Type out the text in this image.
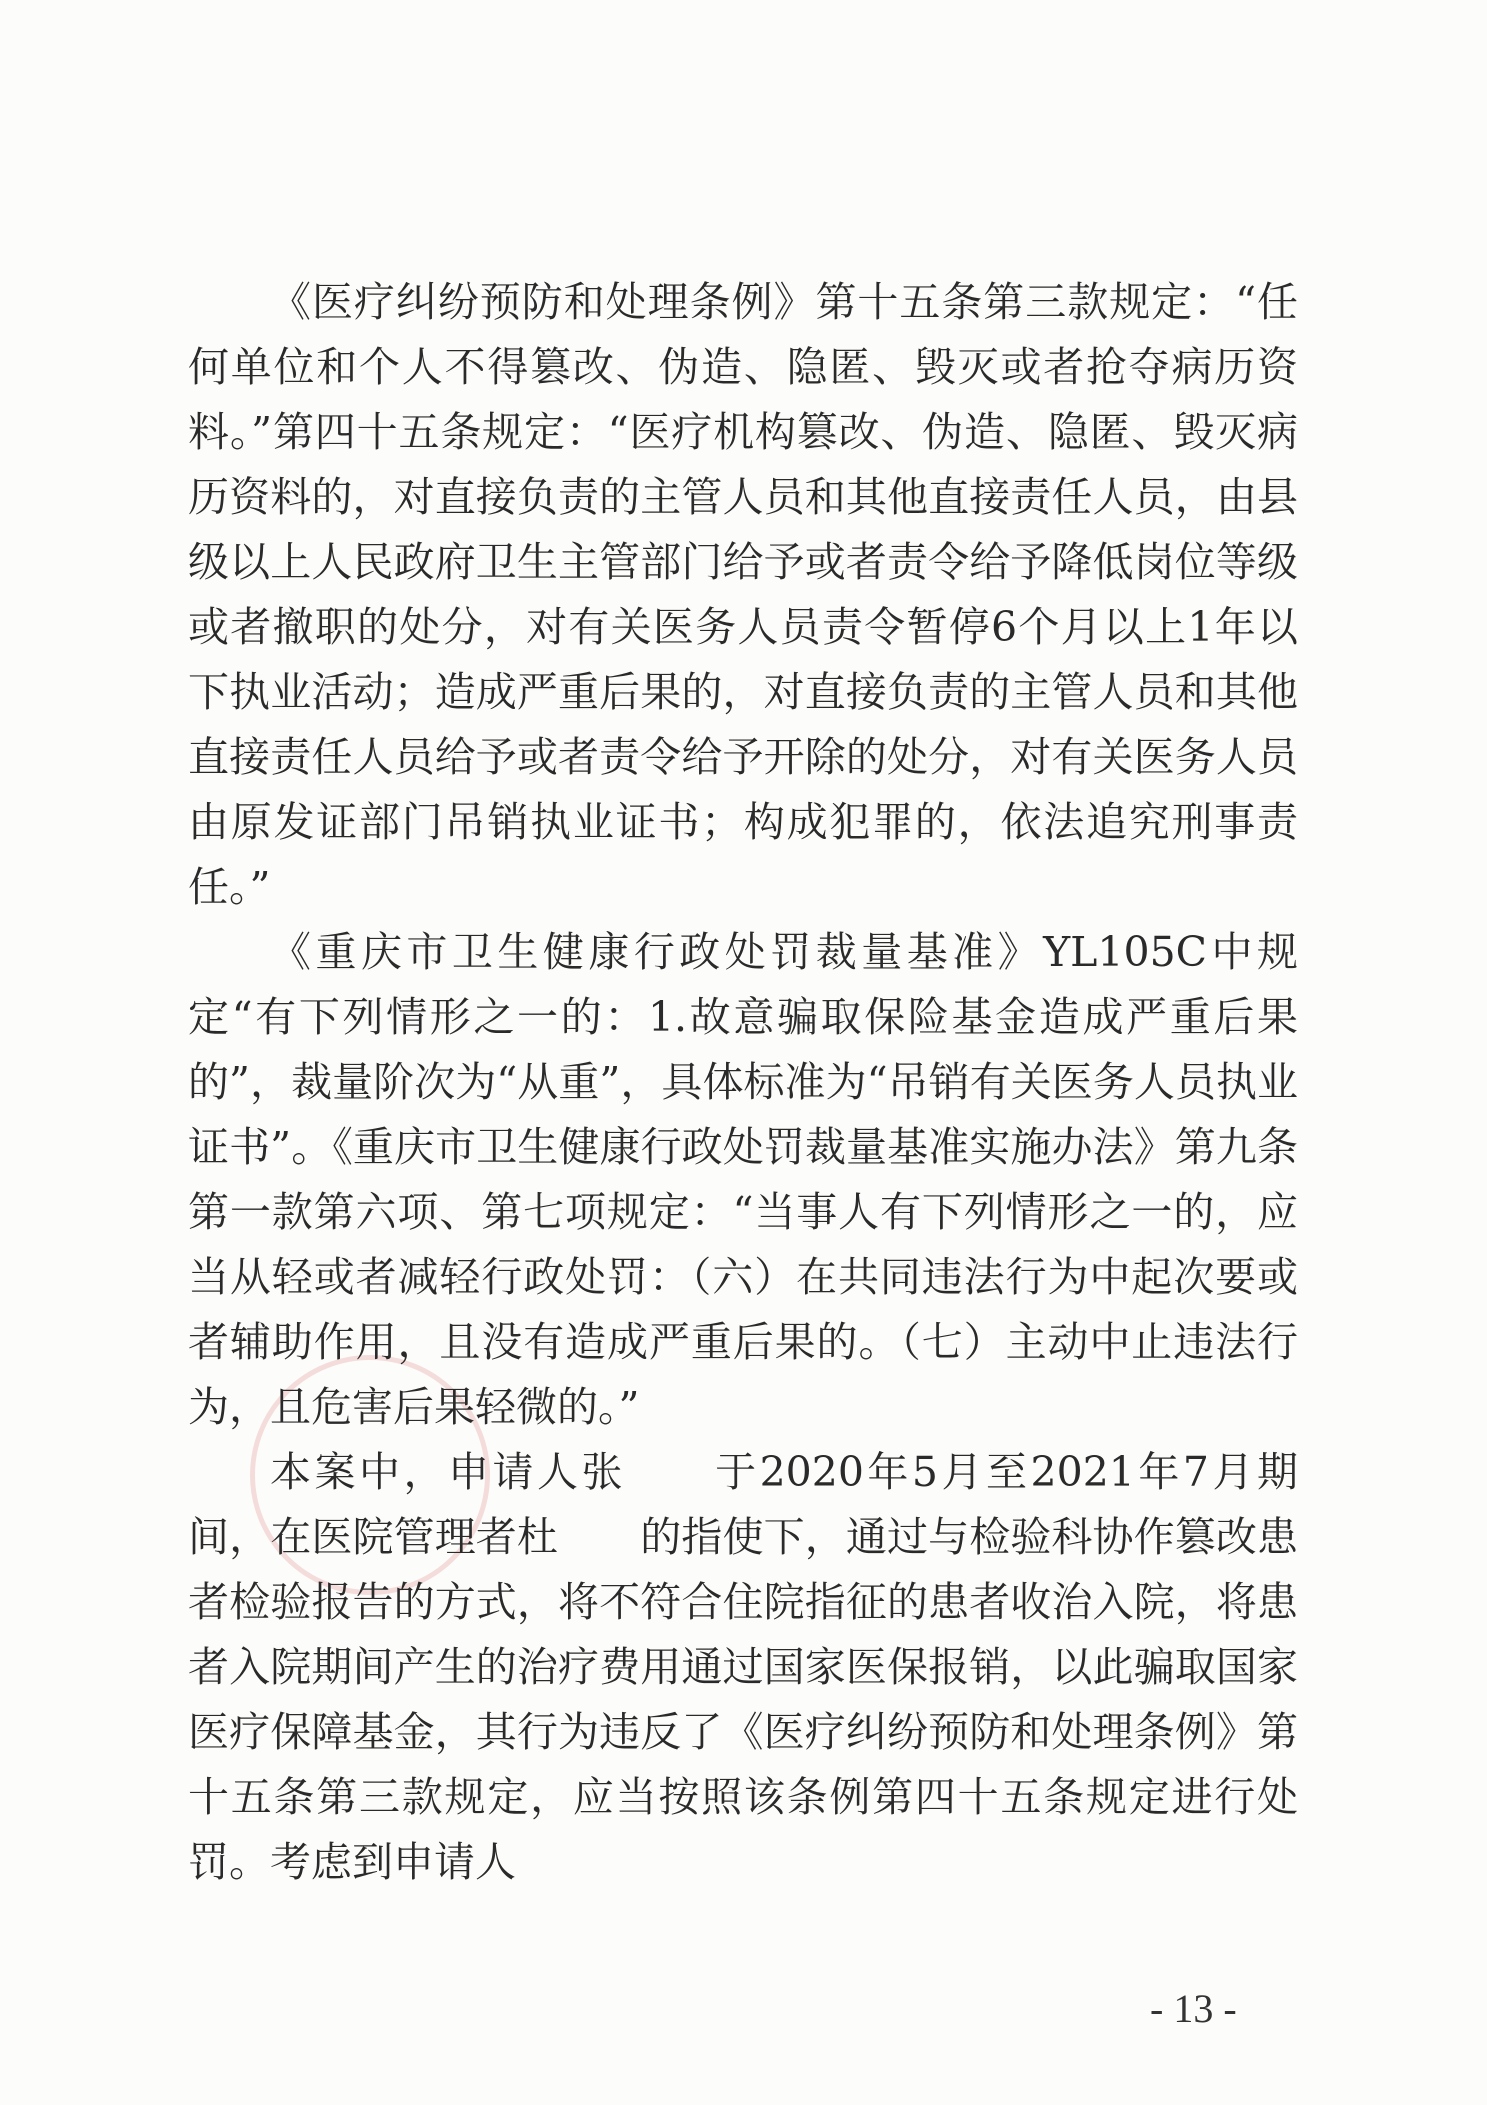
《医疗纠纷预防和处理条例》第十五条第三款规定：“任何单位和个人不得篡改、伪造、隐匿、毁灭或者抢夺病历资料。”第四十五条规定：“医疗机构篡改、伪造、隐匿、毁灭病历资料的，对直接负责的主管人员和其他直接责任人员，由县级以上人民政府卫生主管部门给予或者责令给予降低岗位等级或者撤职的处分，对有关医务人员责令暂停6个月以上1年以下执业活动；造成严重后果的，对直接负责的主管人员和其他直接责任人员给予或者责令给予开除的处分，对有关医务人员由原发证部门吊销执业证书；构成犯罪的，依法追究刑事责任。”

《重庆市卫生健康行政处罚裁量基准》YL105C中规定“有下列情形之一的：1.故意骗取保险基金造成严重后果的”，裁量阶次为“从重”，具体标准为“吊销有关医务人员执业证书”。《重庆市卫生健康行政处罚裁量基准实施办法》第九条第一款第六项、第七项规定：“当事人有下列情形之一的，应当从轻或者减轻行政处罚：（六）在共同违法行为中起次要或者辅助作用，且没有造成严重后果的。（七）主动中止违法行为，且危害后果轻微的。”

本案中，申请人张　　于2020年5月至2021年7月期间，在医院管理者杜　　的指使下，通过与检验科协作篡改患者检验报告的方式，将不符合住院指征的患者收治入院，将患者入院期间产生的治疗费用通过国家医保报销，以此骗取国家医疗保障基金，其行为违反了《医疗纠纷预防和处理条例》第十五条第三款规定，应当按照该条例第四十五条规定进行处罚。考虑到申请人

- 13 -
